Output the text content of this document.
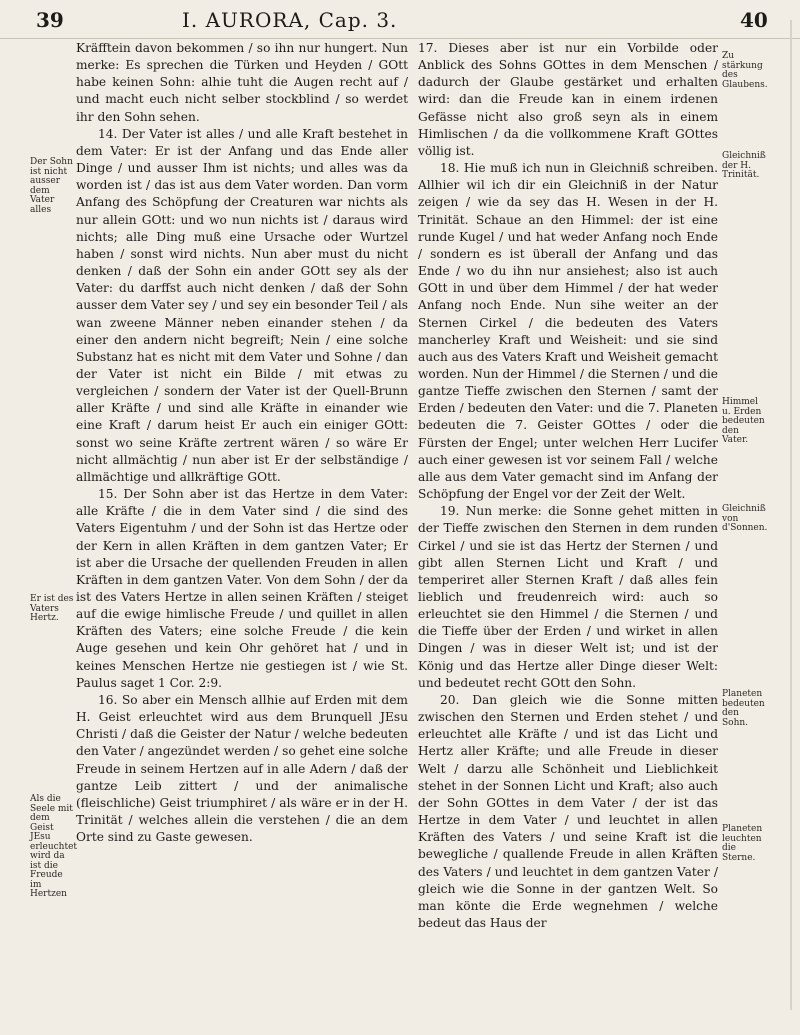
39	I. AURORA, Cap. 3.	40
Der Sohn ist nicht ausser dem Vater alles
Er ist des Vaters Hertz.
Als die Seele mit dem Geist JEsu erleuchtet wird da ist die Freude im Hertzen

Kräfftein davon bekommen / so ihn nur hungert. Nun merke: Es sprechen die Türken und Heyden / GOtt habe keinen Sohn: alhie tuht die Augen recht auf / und macht euch nicht selber stockblind / so werdet ihr den Sohn sehen.

14. Der Vater ist alles / und alle Kraft bestehet in dem Vater: Er ist der Anfang und das Ende aller Dinge / und ausser Ihm ist nichts; und alles was da worden ist / das ist aus dem Vater worden. Dan vorm Anfang des Schöpfung der Creaturen war nichts als nur allein GOtt: und wo nun nichts ist / daraus wird nichts; alle Ding muß eine Ursache oder Wurtzel haben / sonst wird nichts. Nun aber must du nicht denken / daß der Sohn ein ander GOtt sey als der Vater: du darffst auch nicht denken / daß der Sohn ausser dem Vater sey / und sey ein besonder Teil / als wan zweene Männer neben einander stehen / da einer den andern nicht begreift; Nein / eine solche Substanz hat es nicht mit dem Vater und Sohne / dan der Vater ist nicht ein Bilde / mit etwas zu vergleichen / sondern der Vater ist der Quell-Brunn aller Kräfte / und sind alle Kräfte in einander wie eine Kraft / darum heist Er auch ein einiger GOtt: sonst wo seine Kräfte zertrent wären / so wäre Er nicht allmächtig / nun aber ist Er der selbständige / allmächtige und allkräftige GOtt.

15. Der Sohn aber ist das Hertze in dem Vater: alle Kräfte / die in dem Vater sind / die sind des Vaters Eigentuhm / und der Sohn ist das Hertze oder der Kern in allen Kräften in dem gantzen Vater; Er ist aber die Ursache der quellenden Freuden in allen Kräften in dem gantzen Vater. Von dem Sohn / der da ist des Vaters Hertze in allen seinen Kräften / steiget auf die ewige himlische Freude / und quillet in allen Kräften des Vaters; eine solche Freude / die kein Auge gesehen und kein Ohr gehöret hat / und in keines Menschen Hertze nie gestiegen ist / wie St. Paulus saget 1 Cor. 2:9.

16. So aber ein Mensch allhie auf Erden mit dem H. Geist erleuchtet wird aus dem Brunquell JEsu Christi / daß die Geister der Natur / welche bedeuten den Vater / angezündet werden / so gehet eine solche Freude in seinem Hertzen auf in alle Adern / daß der gantze Leib zittert / und der animalische (fleischliche) Geist triumphiret / als wäre er in der H. Trinität / welches allein die verstehen / die an dem Orte sind zu Gaste gewesen.

17. Dieses aber ist nur ein Vorbilde oder Anblick des Sohns GOttes in dem Menschen / dadurch der Glaube gestärket und erhalten wird: dan die Freude kan in einem irdenen Gefässe nicht also groß seyn als in einem Himlischen / da die vollkommene Kraft GOttes völlig ist.

18. Hie muß ich nun in Gleichniß schreiben. Allhier wil ich dir ein Gleichniß in der Natur zeigen / wie da sey das H. Wesen in der H. Trinität. Schaue an den Himmel: der ist eine runde Kugel / und hat weder Anfang noch Ende / sondern es ist überall der Anfang und das Ende / wo du ihn nur ansiehest; also ist auch GOtt in und über dem Himmel / der hat weder Anfang noch Ende. Nun sihe weiter an der Sternen Cirkel / die bedeuten des Vaters mancherley Kraft und Weisheit: und sie sind auch aus des Vaters Kraft und Weisheit gemacht worden. Nun der Himmel / die Sternen / und die gantze Tieffe zwischen den Sternen / samt der Erden / bedeuten den Vater: und die 7. Planeten bedeuten die 7. Geister GOttes / oder die Fürsten der Engel; unter welchen Herr Lucifer auch einer gewesen ist vor seinem Fall / welche alle aus dem Vater gemacht sind im Anfang der Schöpfung der Engel vor der Zeit der Welt.

19. Nun merke: die Sonne gehet mitten in der Tieffe zwischen den Sternen in dem runden Cirkel / und sie ist das Hertz der Sternen / und gibt allen Sternen Licht und Kraft / und temperiret aller Sternen Kraft / daß alles fein lieblich und freudenreich wird: auch so erleuchtet sie den Himmel / die Sternen / und die Tieffe über der Erden / und wirket in allen Dingen / was in dieser Welt ist; und ist der König und das Hertze aller Dinge dieser Welt: und bedeutet recht GOtt den Sohn.

20. Dan gleich wie die Sonne mitten zwischen den Sternen und Erden stehet / und erleuchtet alle Kräfte / und ist das Licht und Hertz aller Kräfte; und alle Freude in dieser Welt / darzu alle Schönheit und Lieblichkeit stehet in der Sonnen Licht und Kraft; also auch der Sohn GOttes in dem Vater / der ist das Hertze in dem Vater / und leuchtet in allen Kräften des Vaters / und seine Kraft ist die bewegliche / quallende Freude in allen Kräften des Vaters / und leuchtet in dem gantzen Vater / gleich wie die Sonne in der gantzen Welt. So man könte die Erde wegnehmen / welche bedeut das Haus der

Zu stärkung des Glaubens.
Gleichniß der H. Trinität.
Himmel u. Erden bedeuten den Vater.
Gleichniß von d'Sonnen.
Planeten bedeuten den Sohn.
Planeten leuchten die Sterne.
